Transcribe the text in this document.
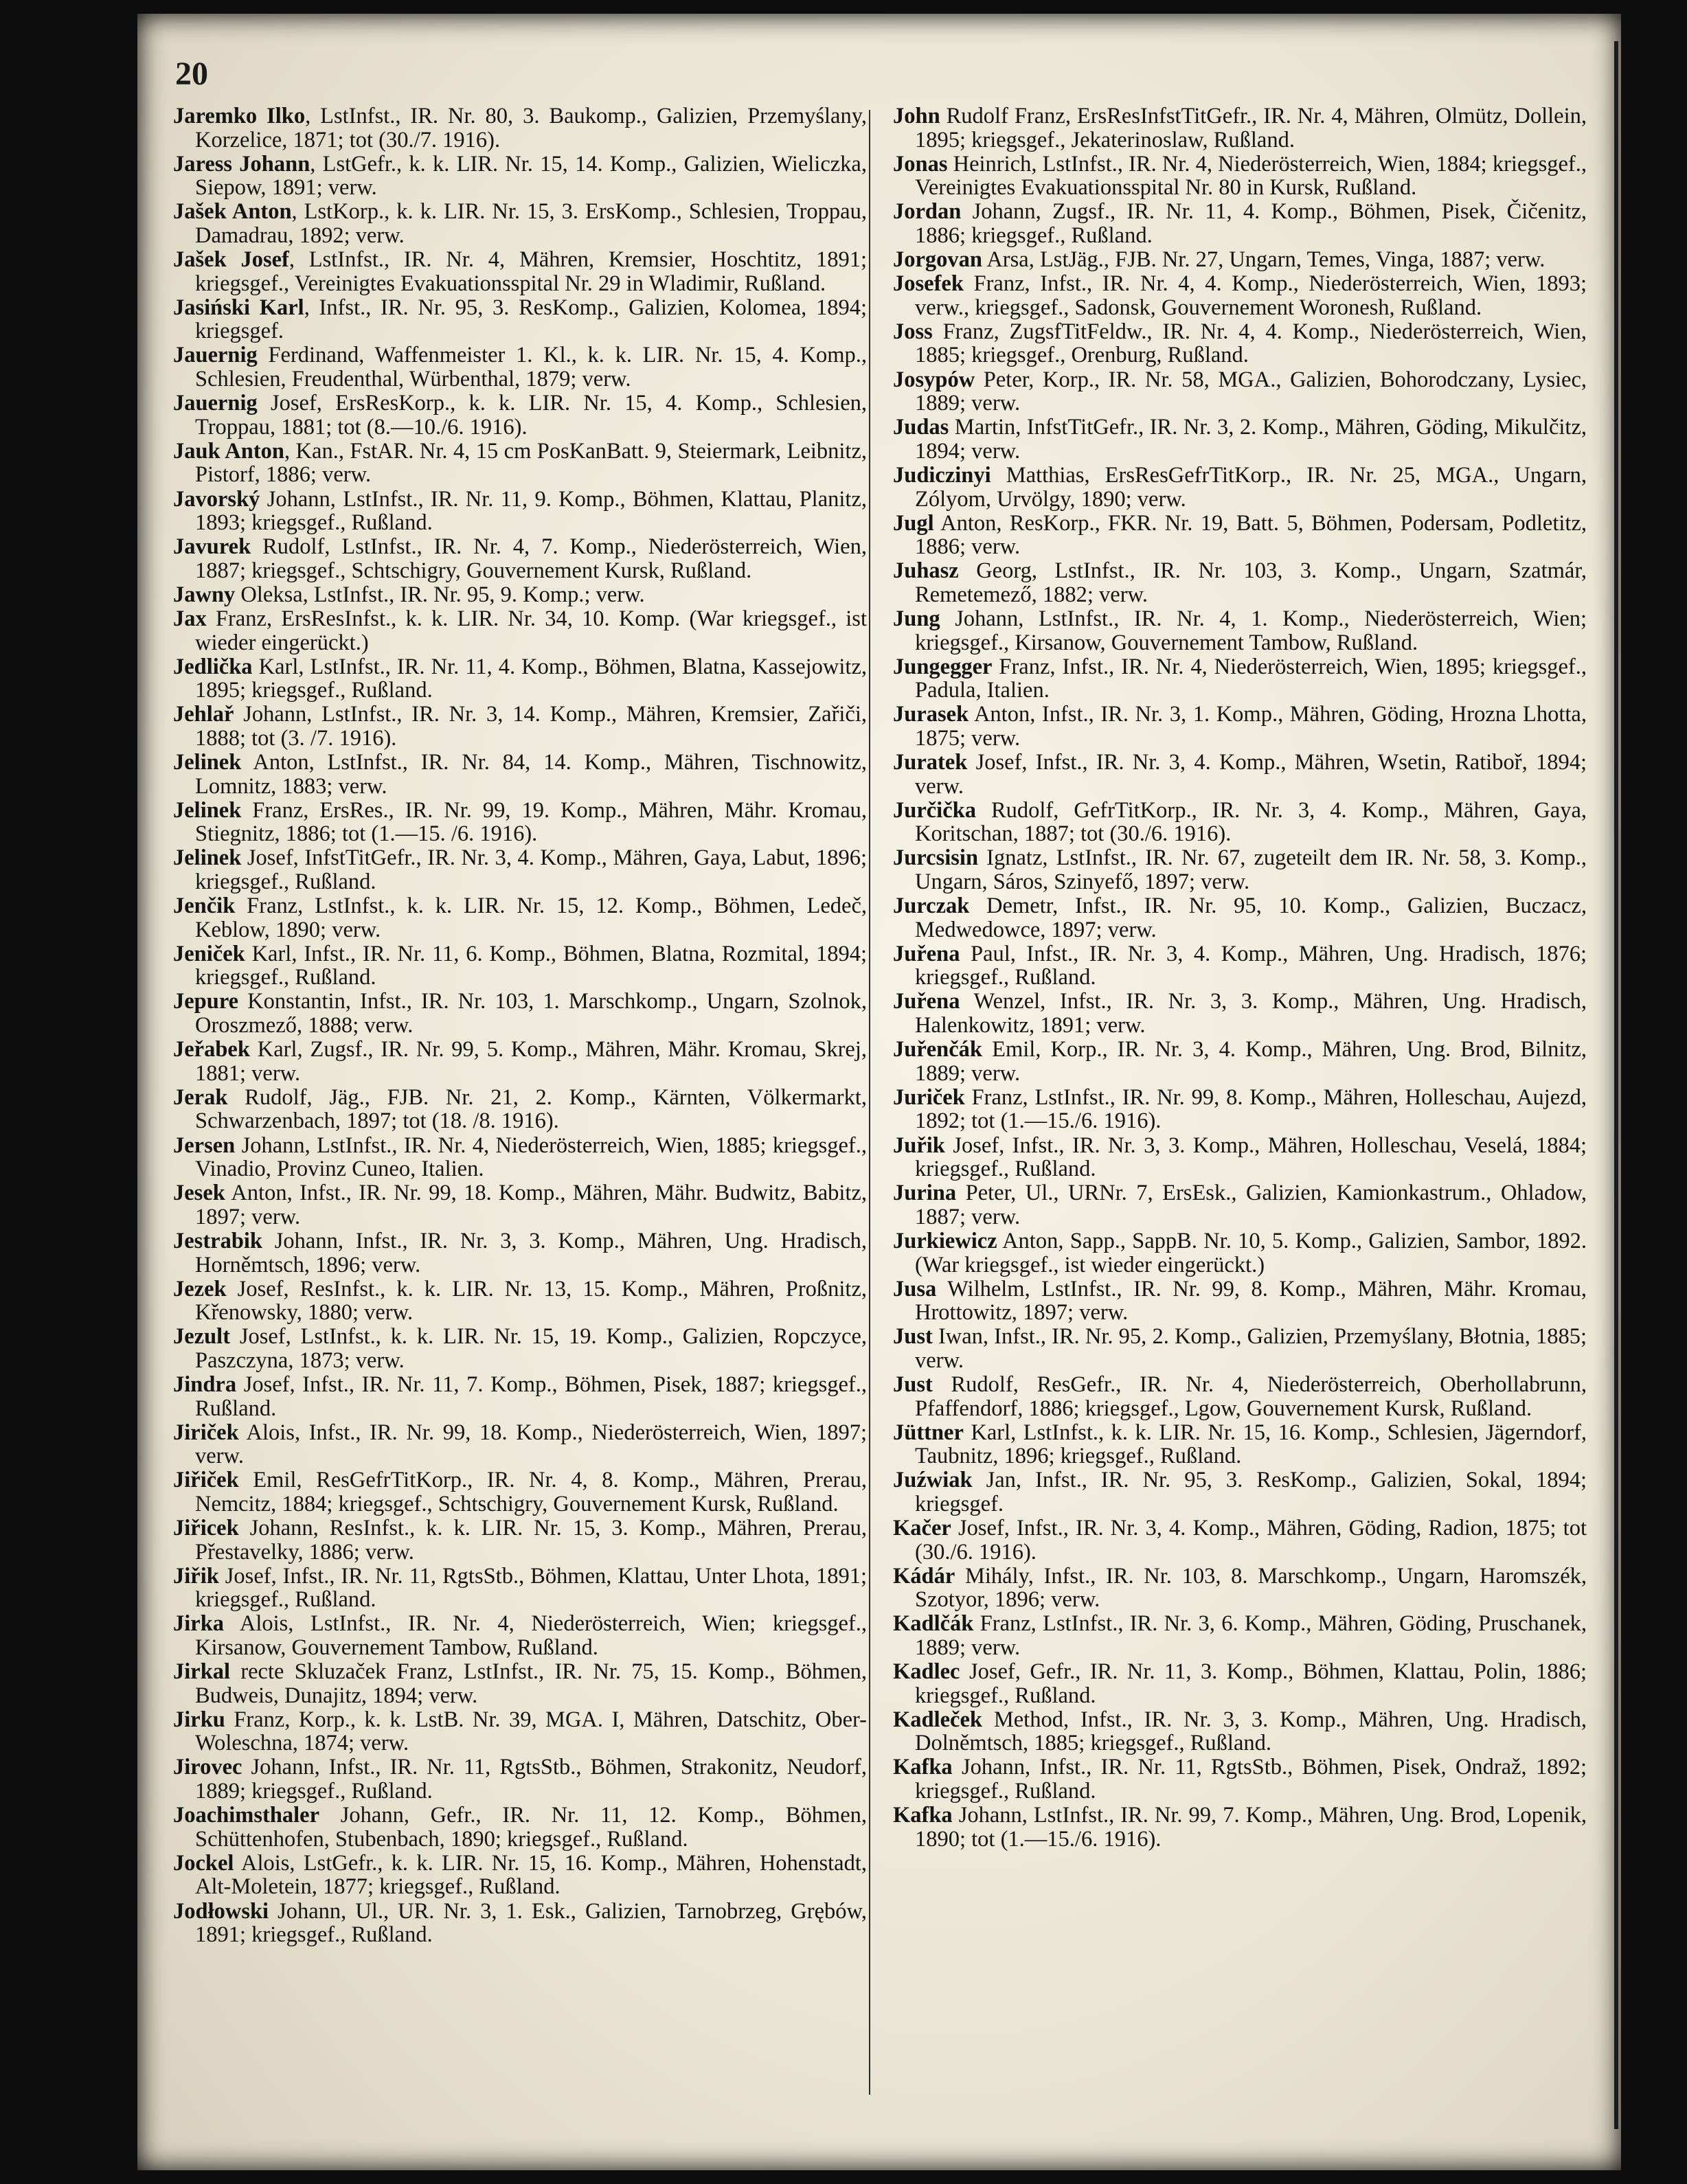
20

Jaremko Ilko, LstInfst., IR. Nr. 80, 3. Baukomp., Galizien, Przemyślany, Korzelice, 1871; tot (30./7. 1916).

Jaress Johann, LstGefr., k. k. LIR. Nr. 15, 14. Komp., Galizien, Wieliczka, Siepow, 1891; verw.

Jašek Anton, LstKorp., k. k. LIR. Nr. 15, 3. ErsKomp., Schlesien, Troppau, Damadrau, 1892; verw.

Jašek Josef, LstInfst., IR. Nr. 4, Mähren, Kremsier, Hoschtitz, 1891; kriegsgef., Vereinigtes Evakuationsspital Nr. 29 in Wladimir, Rußland.

Jasiński Karl, Infst., IR. Nr. 95, 3. ResKomp., Galizien, Kolomea, 1894; kriegsgef.

Jauernig Ferdinand, Waffenmeister 1. Kl., k. k. LIR. Nr. 15, 4. Komp., Schlesien, Freudenthal, Würbenthal, 1879; verw.

Jauernig Josef, ErsResKorp., k. k. LIR. Nr. 15, 4. Komp., Schlesien, Troppau, 1881; tot (8.—10./6. 1916).

Jauk Anton, Kan., FstAR. Nr. 4, 15 cm PosKanBatt. 9, Steiermark, Leibnitz, Pistorf, 1886; verw.

Javorský Johann, LstInfst., IR. Nr. 11, 9. Komp., Böhmen, Klattau, Planitz, 1893; kriegsgef., Rußland.

Javurek Rudolf, LstInfst., IR. Nr. 4, 7. Komp., Niederösterreich, Wien, 1887; kriegsgef., Schtschigry, Gouvernement Kursk, Rußland.

Jawny Oleksa, LstInfst., IR. Nr. 95, 9. Komp.; verw.

Jax Franz, ErsResInfst., k. k. LIR. Nr. 34, 10. Komp. (War kriegsgef., ist wieder eingerückt.)

Jedlička Karl, LstInfst., IR. Nr. 11, 4. Komp., Böhmen, Blatna, Kassejowitz, 1895; kriegsgef., Rußland.

Jehlař Johann, LstInfst., IR. Nr. 3, 14. Komp., Mähren, Kremsier, Zařiči, 1888; tot (3. /7. 1916).

Jelinek Anton, LstInfst., IR. Nr. 84, 14. Komp., Mähren, Tischnowitz, Lomnitz, 1883; verw.

Jelinek Franz, ErsRes., IR. Nr. 99, 19. Komp., Mähren, Mähr. Kromau, Stiegnitz, 1886; tot (1.—15. /6. 1916).

Jelinek Josef, InfstTitGefr., IR. Nr. 3, 4. Komp., Mähren, Gaya, Labut, 1896; kriegsgef., Rußland.

Jenčik Franz, LstInfst., k. k. LIR. Nr. 15, 12. Komp., Böhmen, Ledeč, Keblow, 1890; verw.

Jeniček Karl, Infst., IR. Nr. 11, 6. Komp., Böhmen, Blatna, Rozmital, 1894; kriegsgef., Rußland.

Jepure Konstantin, Infst., IR. Nr. 103, 1. Marschkomp., Ungarn, Szolnok, Oroszmező, 1888; verw.

Jeřabek Karl, Zugsf., IR. Nr. 99, 5. Komp., Mähren, Mähr. Kromau, Skrej, 1881; verw.

Jerak Rudolf, Jäg., FJB. Nr. 21, 2. Komp., Kärnten, Völkermarkt, Schwarzenbach, 1897; tot (18. /8. 1916).

Jersen Johann, LstInfst., IR. Nr. 4, Niederösterreich, Wien, 1885; kriegsgef., Vinadio, Provinz Cuneo, Italien.

Jesek Anton, Infst., IR. Nr. 99, 18. Komp., Mähren, Mähr. Budwitz, Babitz, 1897; verw.

Jestrabik Johann, Infst., IR. Nr. 3, 3. Komp., Mähren, Ung. Hradisch, Horněmtsch, 1896; verw.

Jezek Josef, ResInfst., k. k. LIR. Nr. 13, 15. Komp., Mähren, Proßnitz, Křenowsky, 1880; verw.

Jezult Josef, LstInfst., k. k. LIR. Nr. 15, 19. Komp., Galizien, Ropczyce, Paszczyna, 1873; verw.

Jindra Josef, Infst., IR. Nr. 11, 7. Komp., Böhmen, Pisek, 1887; kriegsgef., Rußland.

Jiriček Alois, Infst., IR. Nr. 99, 18. Komp., Niederösterreich, Wien, 1897; verw.

Jiřiček Emil, ResGefrTitKorp., IR. Nr. 4, 8. Komp., Mähren, Prerau, Nemcitz, 1884; kriegsgef., Schtschigry, Gouvernement Kursk, Rußland.

Jiřicek Johann, ResInfst., k. k. LIR. Nr. 15, 3. Komp., Mähren, Prerau, Přestavelky, 1886; verw.

Jiřik Josef, Infst., IR. Nr. 11, RgtsStb., Böhmen, Klattau, Unter Lhota, 1891; kriegsgef., Rußland.

Jirka Alois, LstInfst., IR. Nr. 4, Niederösterreich, Wien; kriegsgef., Kirsanow, Gouvernement Tambow, Rußland.

Jirkal recte Skluzaček Franz, LstInfst., IR. Nr. 75, 15. Komp., Böhmen, Budweis, Dunajitz, 1894; verw.

Jirku Franz, Korp., k. k. LstB. Nr. 39, MGA. I, Mähren, Datschitz, Ober-Woleschna, 1874; verw.

Jirovec Johann, Infst., IR. Nr. 11, RgtsStb., Böhmen, Strakonitz, Neudorf, 1889; kriegsgef., Rußland.

Joachimsthaler Johann, Gefr., IR. Nr. 11, 12. Komp., Böhmen, Schüttenhofen, Stubenbach, 1890; kriegsgef., Rußland.

Jockel Alois, LstGefr., k. k. LIR. Nr. 15, 16. Komp., Mähren, Hohenstadt, Alt-Moletein, 1877; kriegsgef., Rußland.

Jodłowski Johann, Ul., UR. Nr. 3, 1. Esk., Galizien, Tarnobrzeg, Grębów, 1891; kriegsgef., Rußland.

John Rudolf Franz, ErsResInfstTitGefr., IR. Nr. 4, Mähren, Olmütz, Dollein, 1895; kriegsgef., Jekaterinoslaw, Rußland.

Jonas Heinrich, LstInfst., IR. Nr. 4, Niederösterreich, Wien, 1884; kriegsgef., Vereinigtes Evakuationsspital Nr. 80 in Kursk, Rußland.

Jordan Johann, Zugsf., IR. Nr. 11, 4. Komp., Böhmen, Pisek, Čičenitz, 1886; kriegsgef., Rußland.

Jorgovan Arsa, LstJäg., FJB. Nr. 27, Ungarn, Temes, Vinga, 1887; verw.

Josefek Franz, Infst., IR. Nr. 4, 4. Komp., Niederösterreich, Wien, 1893; verw., kriegsgef., Sadonsk, Gouvernement Woronesh, Rußland.

Joss Franz, ZugsfTitFeldw., IR. Nr. 4, 4. Komp., Niederösterreich, Wien, 1885; kriegsgef., Orenburg, Rußland.

Josypów Peter, Korp., IR. Nr. 58, MGA., Galizien, Bohorodczany, Lysiec, 1889; verw.

Judas Martin, InfstTitGefr., IR. Nr. 3, 2. Komp., Mähren, Göding, Mikulčitz, 1894; verw.

Judiczinyi Matthias, ErsResGefrTitKorp., IR. Nr. 25, MGA., Ungarn, Zólyom, Urvölgy, 1890; verw.

Jugl Anton, ResKorp., FKR. Nr. 19, Batt. 5, Böhmen, Podersam, Podletitz, 1886; verw.

Juhasz Georg, LstInfst., IR. Nr. 103, 3. Komp., Ungarn, Szatmár, Remetemező, 1882; verw.

Jung Johann, LstInfst., IR. Nr. 4, 1. Komp., Niederösterreich, Wien; kriegsgef., Kirsanow, Gouvernement Tambow, Rußland.

Jungegger Franz, Infst., IR. Nr. 4, Niederösterreich, Wien, 1895; kriegsgef., Padula, Italien.

Jurasek Anton, Infst., IR. Nr. 3, 1. Komp., Mähren, Göding, Hrozna Lhotta, 1875; verw.

Juratek Josef, Infst., IR. Nr. 3, 4. Komp., Mähren, Wsetin, Ratiboř, 1894; verw.

Jurčička Rudolf, GefrTitKorp., IR. Nr. 3, 4. Komp., Mähren, Gaya, Koritschan, 1887; tot (30./6. 1916).

Jurcsisin Ignatz, LstInfst., IR. Nr. 67, zugeteilt dem IR. Nr. 58, 3. Komp., Ungarn, Sáros, Szinyefő, 1897; verw.

Jurczak Demetr, Infst., IR. Nr. 95, 10. Komp., Galizien, Buczacz, Medwedowce, 1897; verw.

Juřena Paul, Infst., IR. Nr. 3, 4. Komp., Mähren, Ung. Hradisch, 1876; kriegsgef., Rußland.

Juřena Wenzel, Infst., IR. Nr. 3, 3. Komp., Mähren, Ung. Hradisch, Halenkowitz, 1891; verw.

Juřenčák Emil, Korp., IR. Nr. 3, 4. Komp., Mähren, Ung. Brod, Bilnitz, 1889; verw.

Juriček Franz, LstInfst., IR. Nr. 99, 8. Komp., Mähren, Holleschau, Aujezd, 1892; tot (1.—15./6. 1916).

Juřik Josef, Infst., IR. Nr. 3, 3. Komp., Mähren, Holleschau, Veselá, 1884; kriegsgef., Rußland.

Jurina Peter, Ul., URNr. 7, ErsEsk., Galizien, Kamionkastrum., Ohladow, 1887; verw.

Jurkiewicz Anton, Sapp., SappB. Nr. 10, 5. Komp., Galizien, Sambor, 1892. (War kriegsgef., ist wieder eingerückt.)

Jusa Wilhelm, LstInfst., IR. Nr. 99, 8. Komp., Mähren, Mähr. Kromau, Hrottowitz, 1897; verw.

Just Iwan, Infst., IR. Nr. 95, 2. Komp., Galizien, Przemyślany, Błotnia, 1885; verw.

Just Rudolf, ResGefr., IR. Nr. 4, Niederösterreich, Oberhollabrunn, Pfaffendorf, 1886; kriegsgef., Lgow, Gouvernement Kursk, Rußland.

Jüttner Karl, LstInfst., k. k. LIR. Nr. 15, 16. Komp., Schlesien, Jägerndorf, Taubnitz, 1896; kriegsgef., Rußland.

Juźwiak Jan, Infst., IR. Nr. 95, 3. ResKomp., Galizien, Sokal, 1894; kriegsgef.

Kačer Josef, Infst., IR. Nr. 3, 4. Komp., Mähren, Göding, Radion, 1875; tot (30./6. 1916).

Kádár Mihály, Infst., IR. Nr. 103, 8. Marschkomp., Ungarn, Haromszék, Szotyor, 1896; verw.

Kadlčák Franz, LstInfst., IR. Nr. 3, 6. Komp., Mähren, Göding, Pruschanek, 1889; verw.

Kadlec Josef, Gefr., IR. Nr. 11, 3. Komp., Böhmen, Klattau, Polin, 1886; kriegsgef., Rußland.

Kadleček Method, Infst., IR. Nr. 3, 3. Komp., Mähren, Ung. Hradisch, Dolněmtsch, 1885; kriegsgef., Rußland.

Kafka Johann, Infst., IR. Nr. 11, RgtsStb., Böhmen, Pisek, Ondraž, 1892; kriegsgef., Rußland.

Kafka Johann, LstInfst., IR. Nr. 99, 7. Komp., Mähren, Ung. Brod, Lopenik, 1890; tot (1.—15./6. 1916).
